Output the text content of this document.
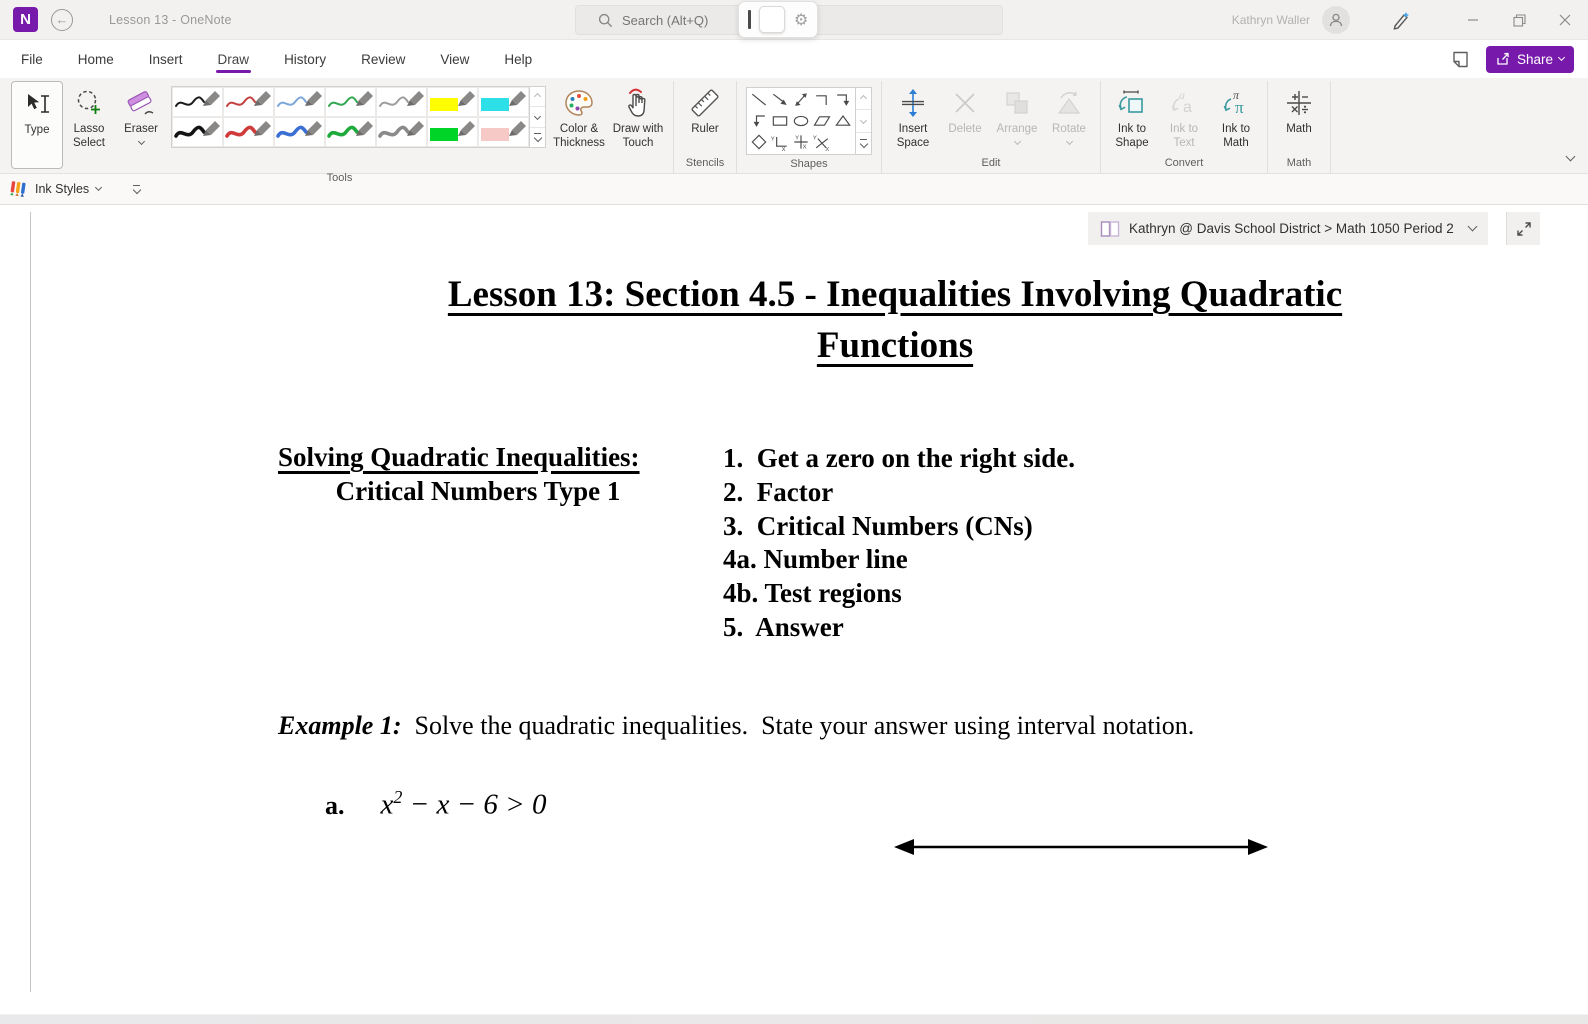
N	←	Lesson 13 - OneNote
Search (Alt+Q)	⚙	Kathryn Waller
File	Home	Insert	Draw	History	Review	View	Help	Share
Type	Lasso Select
Eraser	Color & Thickness
Draw with Touch
Tools
Ruler
Stencils
Y
X
Y
X
Y
X
Shapes
Insert Space
Delete Arrange Rotate
Edit
Ink to Shape
a
a
Ink to Text
π
π
Ink to Math
Convert
Math
Math
Ink Styles
Kathryn @ Davis School District > Math 1050 Period 2
Lesson 13: Section 4.5 - Inequalities Involving Quadratic
Functions
Solving Quadratic Inequalities:
Critical Numbers Type 1
1.  Get a zero on the right side.
2.  Factor
3.  Critical Numbers (CNs)
4a. Number line
4b. Test regions
5.  Answer
Example 1:  Solve the quadratic inequalities.  State your answer using interval notation.
a. $x^2 - x - 6 > 0$
